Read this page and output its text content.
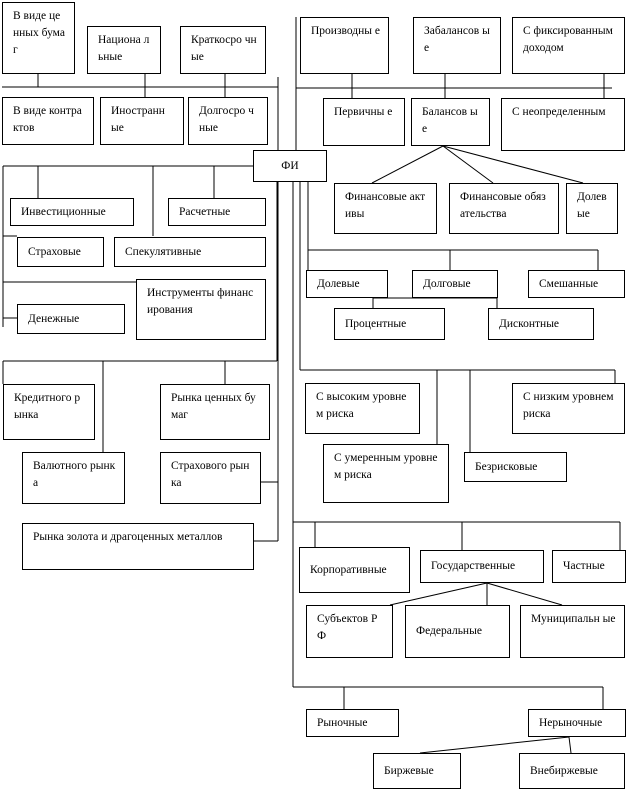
В виде ценных бумаг
Национа льные
Краткосро чные
В виде контрактов
Иностранн ые
Долгосро чные
ФИ
Инвестиционные	Расчетные
Страховые	Спекулятивные
Денежные
Инструменты финансирования
Кредитного рынка
Рынка ценных бумаг
Валютного рынка
Страхового рынка
Рынка золота и драгоценных металлов
Производны е	Забалансов ые
С фиксированным доходом
Первичны е	Балансов ые
С неопределенным
Финансовые активы
Финансовые обязательства
Долев ые
Долевые	Долговые	Смешанные
Процентные	Дисконтные
С высоким уровнем риска
С низким уровнем риска
С умеренным уровнем риска
Безрисковые
Корпоративные	Государственные	Частные
Субъектов РФ	Федеральные
Муниципальн ые
Рыночные	Нерыночные
Биржевые	Внебиржевые
